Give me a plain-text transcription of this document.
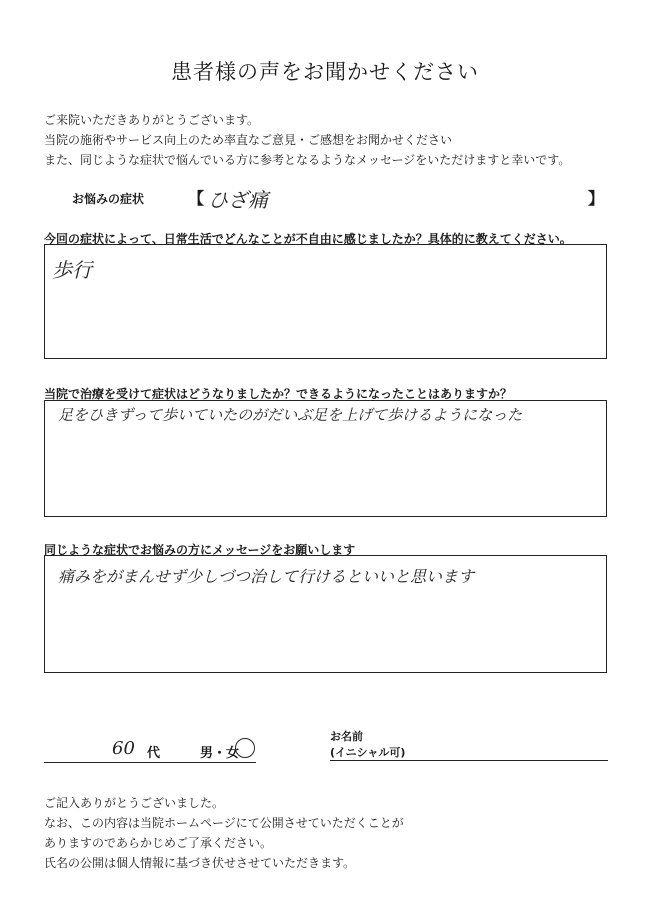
患者様の声をお聞かせください
ご来院いただきありがとうございます。
当院の施術やサービス向上のため率直なご意見・ご感想をお聞かせください
また、同じような症状で悩んでいる方に参考となるようなメッセージをいただけますと幸いです。
お悩みの症状	【 ひざ痛	】
今回の症状によって、日常生活でどんなことが不自由に感じましたか？具体的に教えてください。
歩行
当院で治療を受けて症状はどうなりましたか？できるようになったことはありますか？
足をひきずって歩いていたのがだいぶ足を上げて歩けるようになった
同じような症状でお悩みの方にメッセージをお願いします
痛みをがまんせず少しづつ治して行けるといいと思います
60 代	男・女
お名前
(イニシャル可)
ご記入ありがとうございました。
なお、この内容は当院ホームページにて公開させていただくことが
ありますのであらかじめご了承ください。
氏名の公開は個人情報に基づき伏せさせていただきます。
